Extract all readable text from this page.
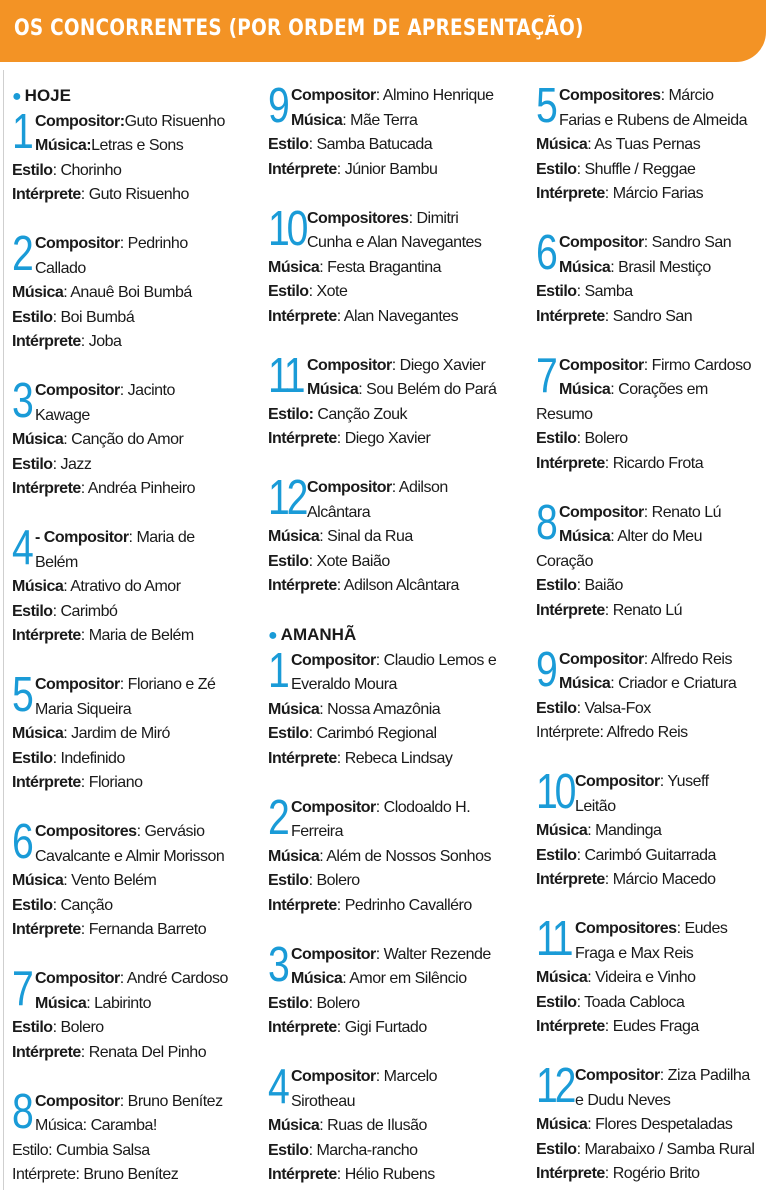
OS CONCORRENTES (POR ORDEM DE APRESENTAÇÃO)
● HOJE
1 Compositor:Guto Risuenho
Música:Letras e Sons
Estilo: Chorinho
Intérprete: Guto Risuenho
2 Compositor: Pedrinho
Callado
Música: Anauê Boi Bumbá
Estilo: Boi Bumbá
Intérprete: Joba
3 Compositor: Jacinto
Kawage
Música: Canção do Amor
Estilo: Jazz
Intérprete: Andréa Pinheiro
4 - Compositor: Maria de
Belém
Música: Atrativo do Amor
Estilo: Carimbó
Intérprete: Maria de Belém
5 Compositor: Floriano e Zé
Maria Siqueira
Música: Jardim de Miró
Estilo: Indefinido
Intérprete: Floriano
6 Compositores: Gervásio
Cavalcante e Almir Morisson
Música: Vento Belém
Estilo: Canção
Intérprete: Fernanda Barreto
7 Compositor: André Cardoso
Música: Labirinto
Estilo: Bolero
Intérprete: Renata Del Pinho
8 Compositor: Bruno Benítez
Música: Caramba!
Estilo: Cumbia Salsa
Intérprete: Bruno Benítez
9 Compositor: Almino Henrique
Música: Mãe Terra
Estilo: Samba Batucada
Intérprete: Júnior Bambu
10 Compositores: Dimitri
Cunha e Alan Navegantes
Música: Festa Bragantina
Estilo: Xote
Intérprete: Alan Navegantes
11 Compositor: Diego Xavier
Música: Sou Belém do Pará
Estilo: Canção Zouk
Intérprete: Diego Xavier
12 Compositor: Adilson
Alcântara
Música: Sinal da Rua
Estilo: Xote Baião
Intérprete: Adilson Alcântara
● AMANHÃ
1 Compositor: Claudio Lemos e
Everaldo Moura
Música: Nossa Amazônia
Estilo: Carimbó Regional
Intérprete: Rebeca Lindsay
2 Compositor: Clodoaldo H.
Ferreira
Música: Além de Nossos Sonhos
Estilo: Bolero
Intérprete: Pedrinho Cavalléro
3 Compositor: Walter Rezende
Música: Amor em Silêncio
Estilo: Bolero
Intérprete: Gigi Furtado
4 Compositor: Marcelo
Sirotheau
Música: Ruas de Ilusão
Estilo: Marcha-rancho
Intérprete: Hélio Rubens
5 Compositores: Márcio
Farias e Rubens de Almeida
Música: As Tuas Pernas
Estilo: Shuffle / Reggae
Intérprete: Márcio Farias
6 Compositor: Sandro San
Música: Brasil Mestiço
Estilo: Samba
Intérprete: Sandro San
7 Compositor: Firmo Cardoso
Música: Corações em
Resumo
Estilo: Bolero
Intérprete: Ricardo Frota
8 Compositor: Renato Lú
Música: Alter do Meu
Coração
Estilo: Baião
Intérprete: Renato Lú
9 Compositor: Alfredo Reis
Música: Criador e Criatura
Estilo: Valsa-Fox
Intérprete: Alfredo Reis
10 Compositor: Yuseff
Leitão
Música: Mandinga
Estilo: Carimbó Guitarrada
Intérprete: Márcio Macedo
11 Compositores: Eudes
Fraga e Max Reis
Música: Videira e Vinho
Estilo: Toada Cabloca
Intérprete: Eudes Fraga
12 Compositor: Ziza Padilha
e Dudu Neves
Música: Flores Despetaladas
Estilo: Marabaixo / Samba Rural
Intérprete: Rogério Brito
